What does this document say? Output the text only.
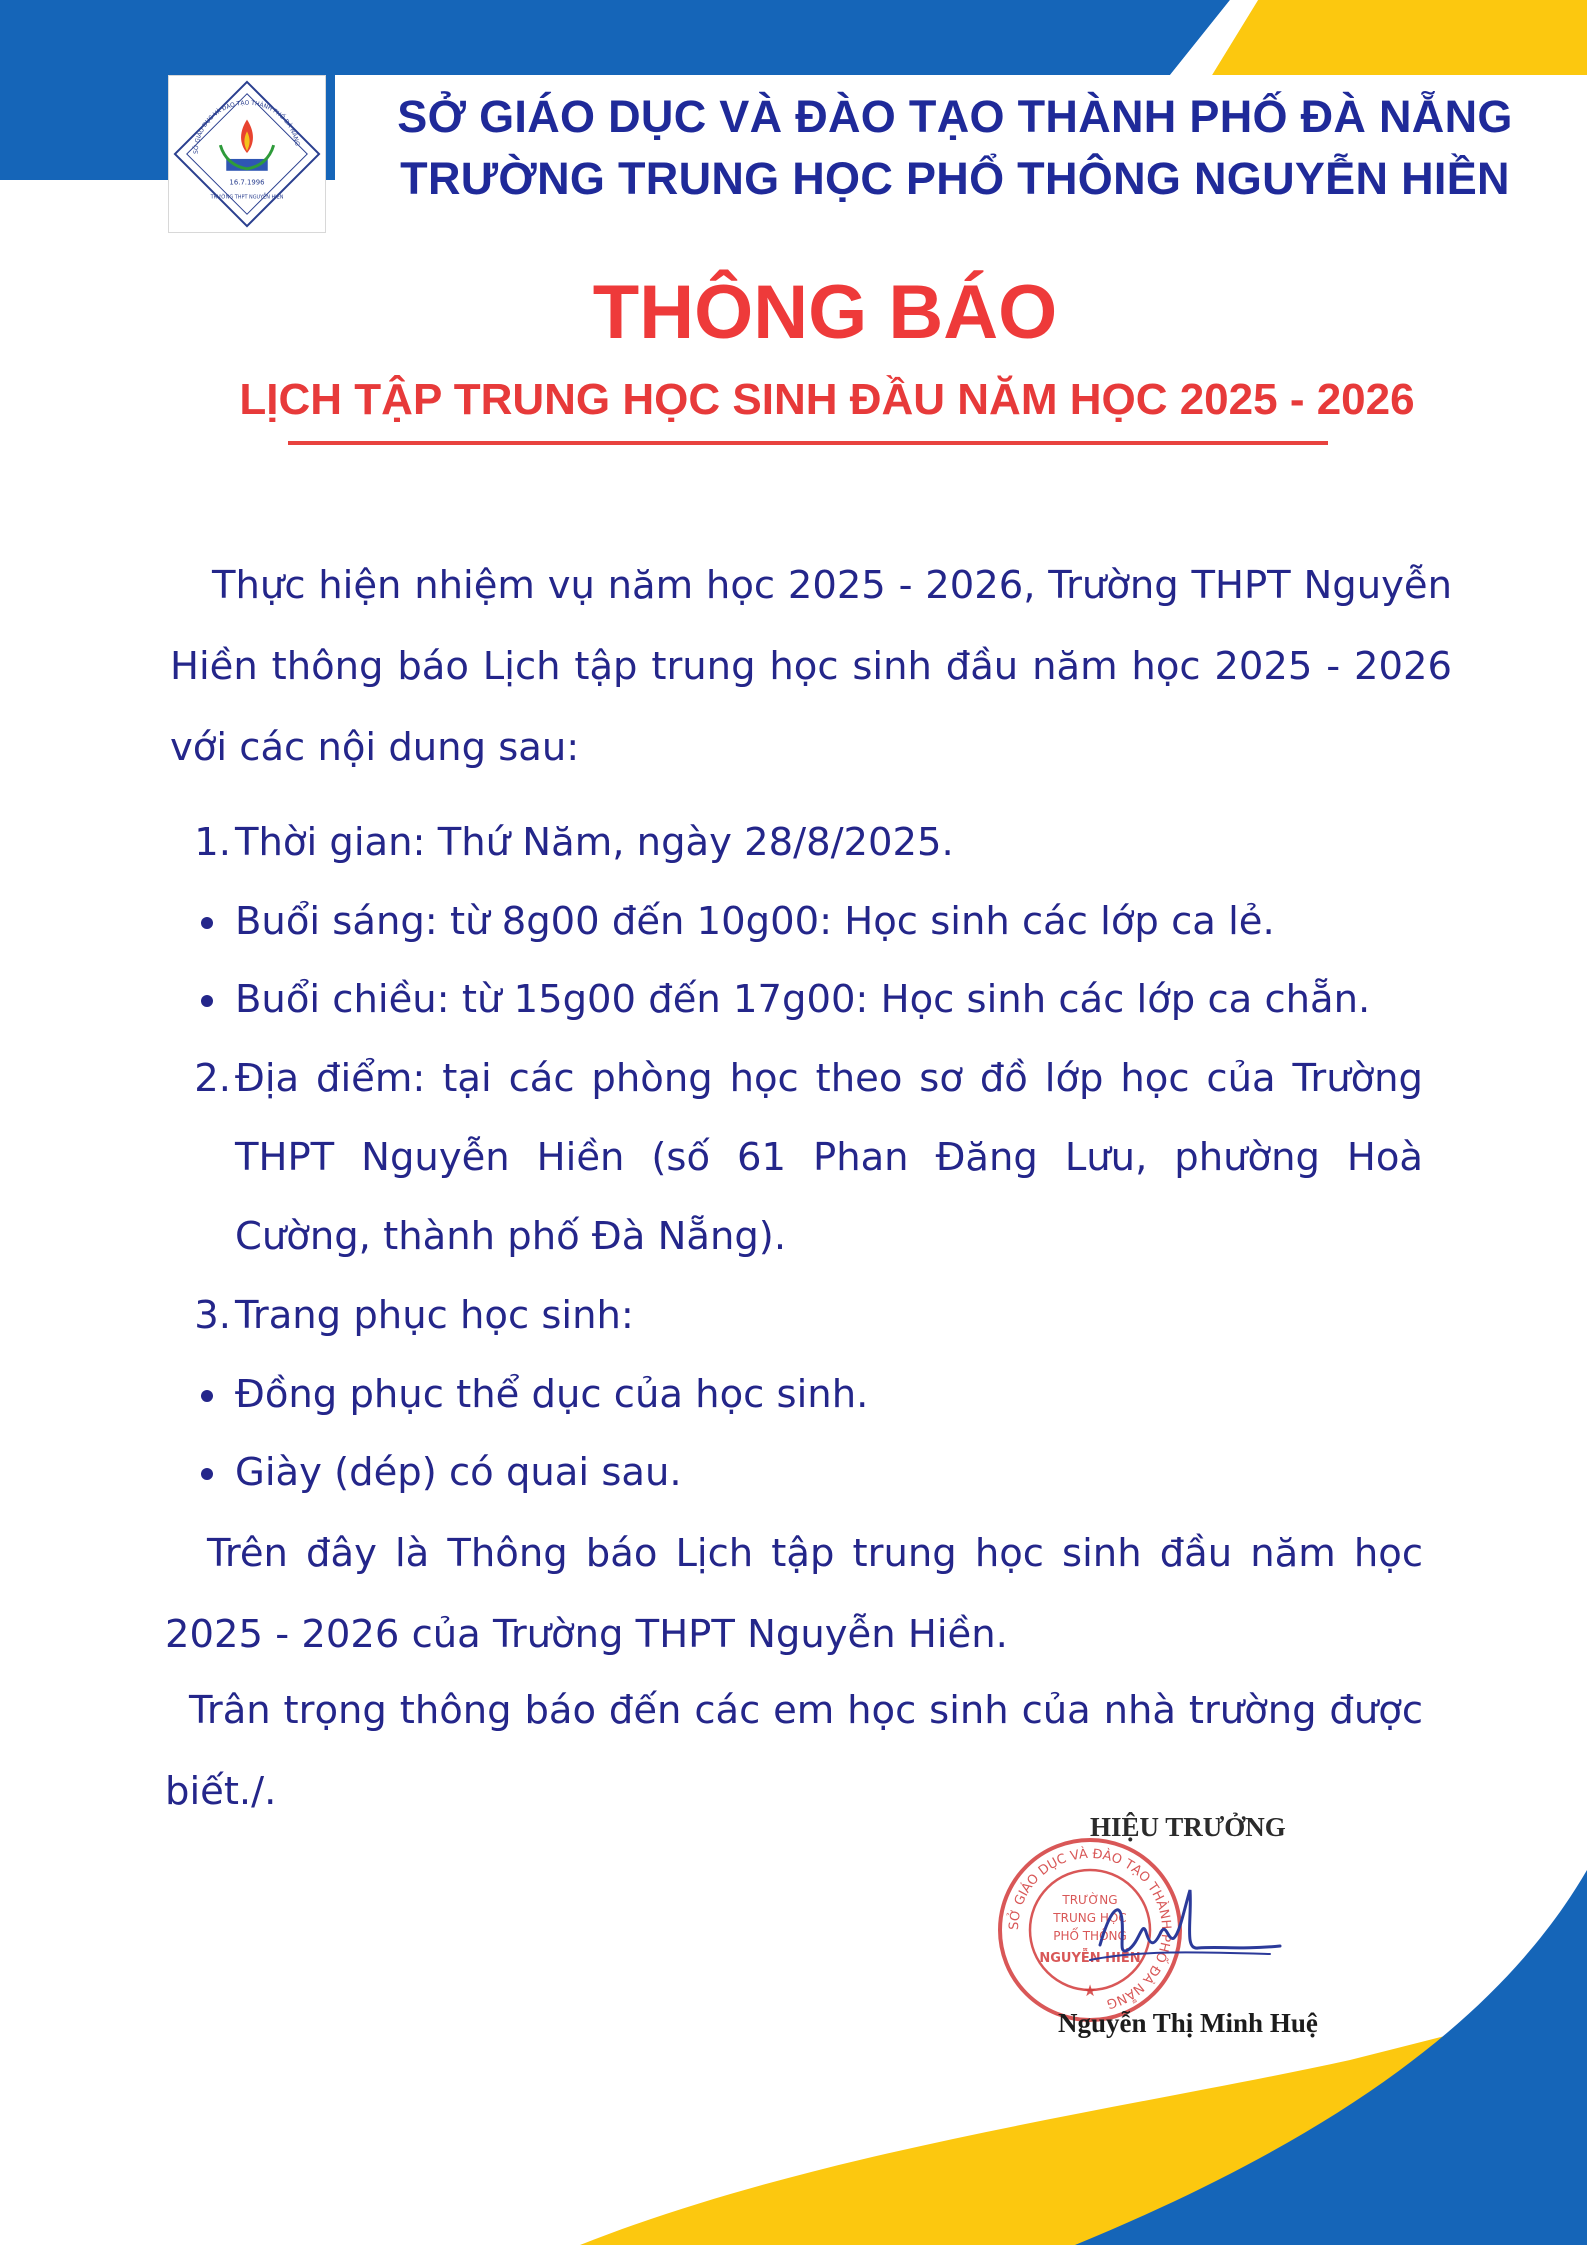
SỞ GIÁO DỤC VÀ ĐÀO TẠO THÀNH PHỐ ĐÀ NẴNG
16.7.1996
TRƯỜNG THPT NGUYỄN HIỀN
SỞ GIÁO DỤC VÀ ĐÀO TẠO THÀNH PHỐ ĐÀ NẴNG
TRƯỜNG TRUNG HỌC PHỔ THÔNG NGUYỄN HIỀN
THÔNG BÁO
LỊCH TẬP TRUNG HỌC SINH ĐẦU NĂM HỌC 2025 - 2026

Thực hiện nhiệm vụ năm học 2025 - 2026, Trường THPT Nguyễn Hiền thông báo Lịch tập trung học sinh đầu năm học 2025 - 2026 với các nội dung sau:

1. Thời gian: Thứ Năm, ngày 28/8/2025.
Buổi sáng: từ 8g00 đến 10g00: Học sinh các lớp ca lẻ.
Buổi chiều: từ 15g00 đến 17g00: Học sinh các lớp ca chẵn.
2. Địa điểm: tại các phòng học theo sơ đồ lớp học của Trường THPT Nguyễn Hiền (số 61 Phan Đăng Lưu, phường Hoà Cường, thành phố Đà Nẵng).
3. Trang phục học sinh:
Đồng phục thể dục của học sinh.
Giày (dép) có quai sau.

Trên đây là Thông báo Lịch tập trung học sinh đầu năm học 2025 - 2026 của Trường THPT Nguyễn Hiền.

Trân trọng thông báo đến các em học sinh của nhà trường được biết./.

HIỆU TRƯỞNG
SỞ GIÁO DỤC VÀ ĐÀO TẠO THÀNH PHỐ ĐÀ NẴNG
TRƯỜNG
TRUNG HỌC
PHỔ THÔNG
NGUYỄN HIỀN
★
Nguyễn Thị Minh Huệ
